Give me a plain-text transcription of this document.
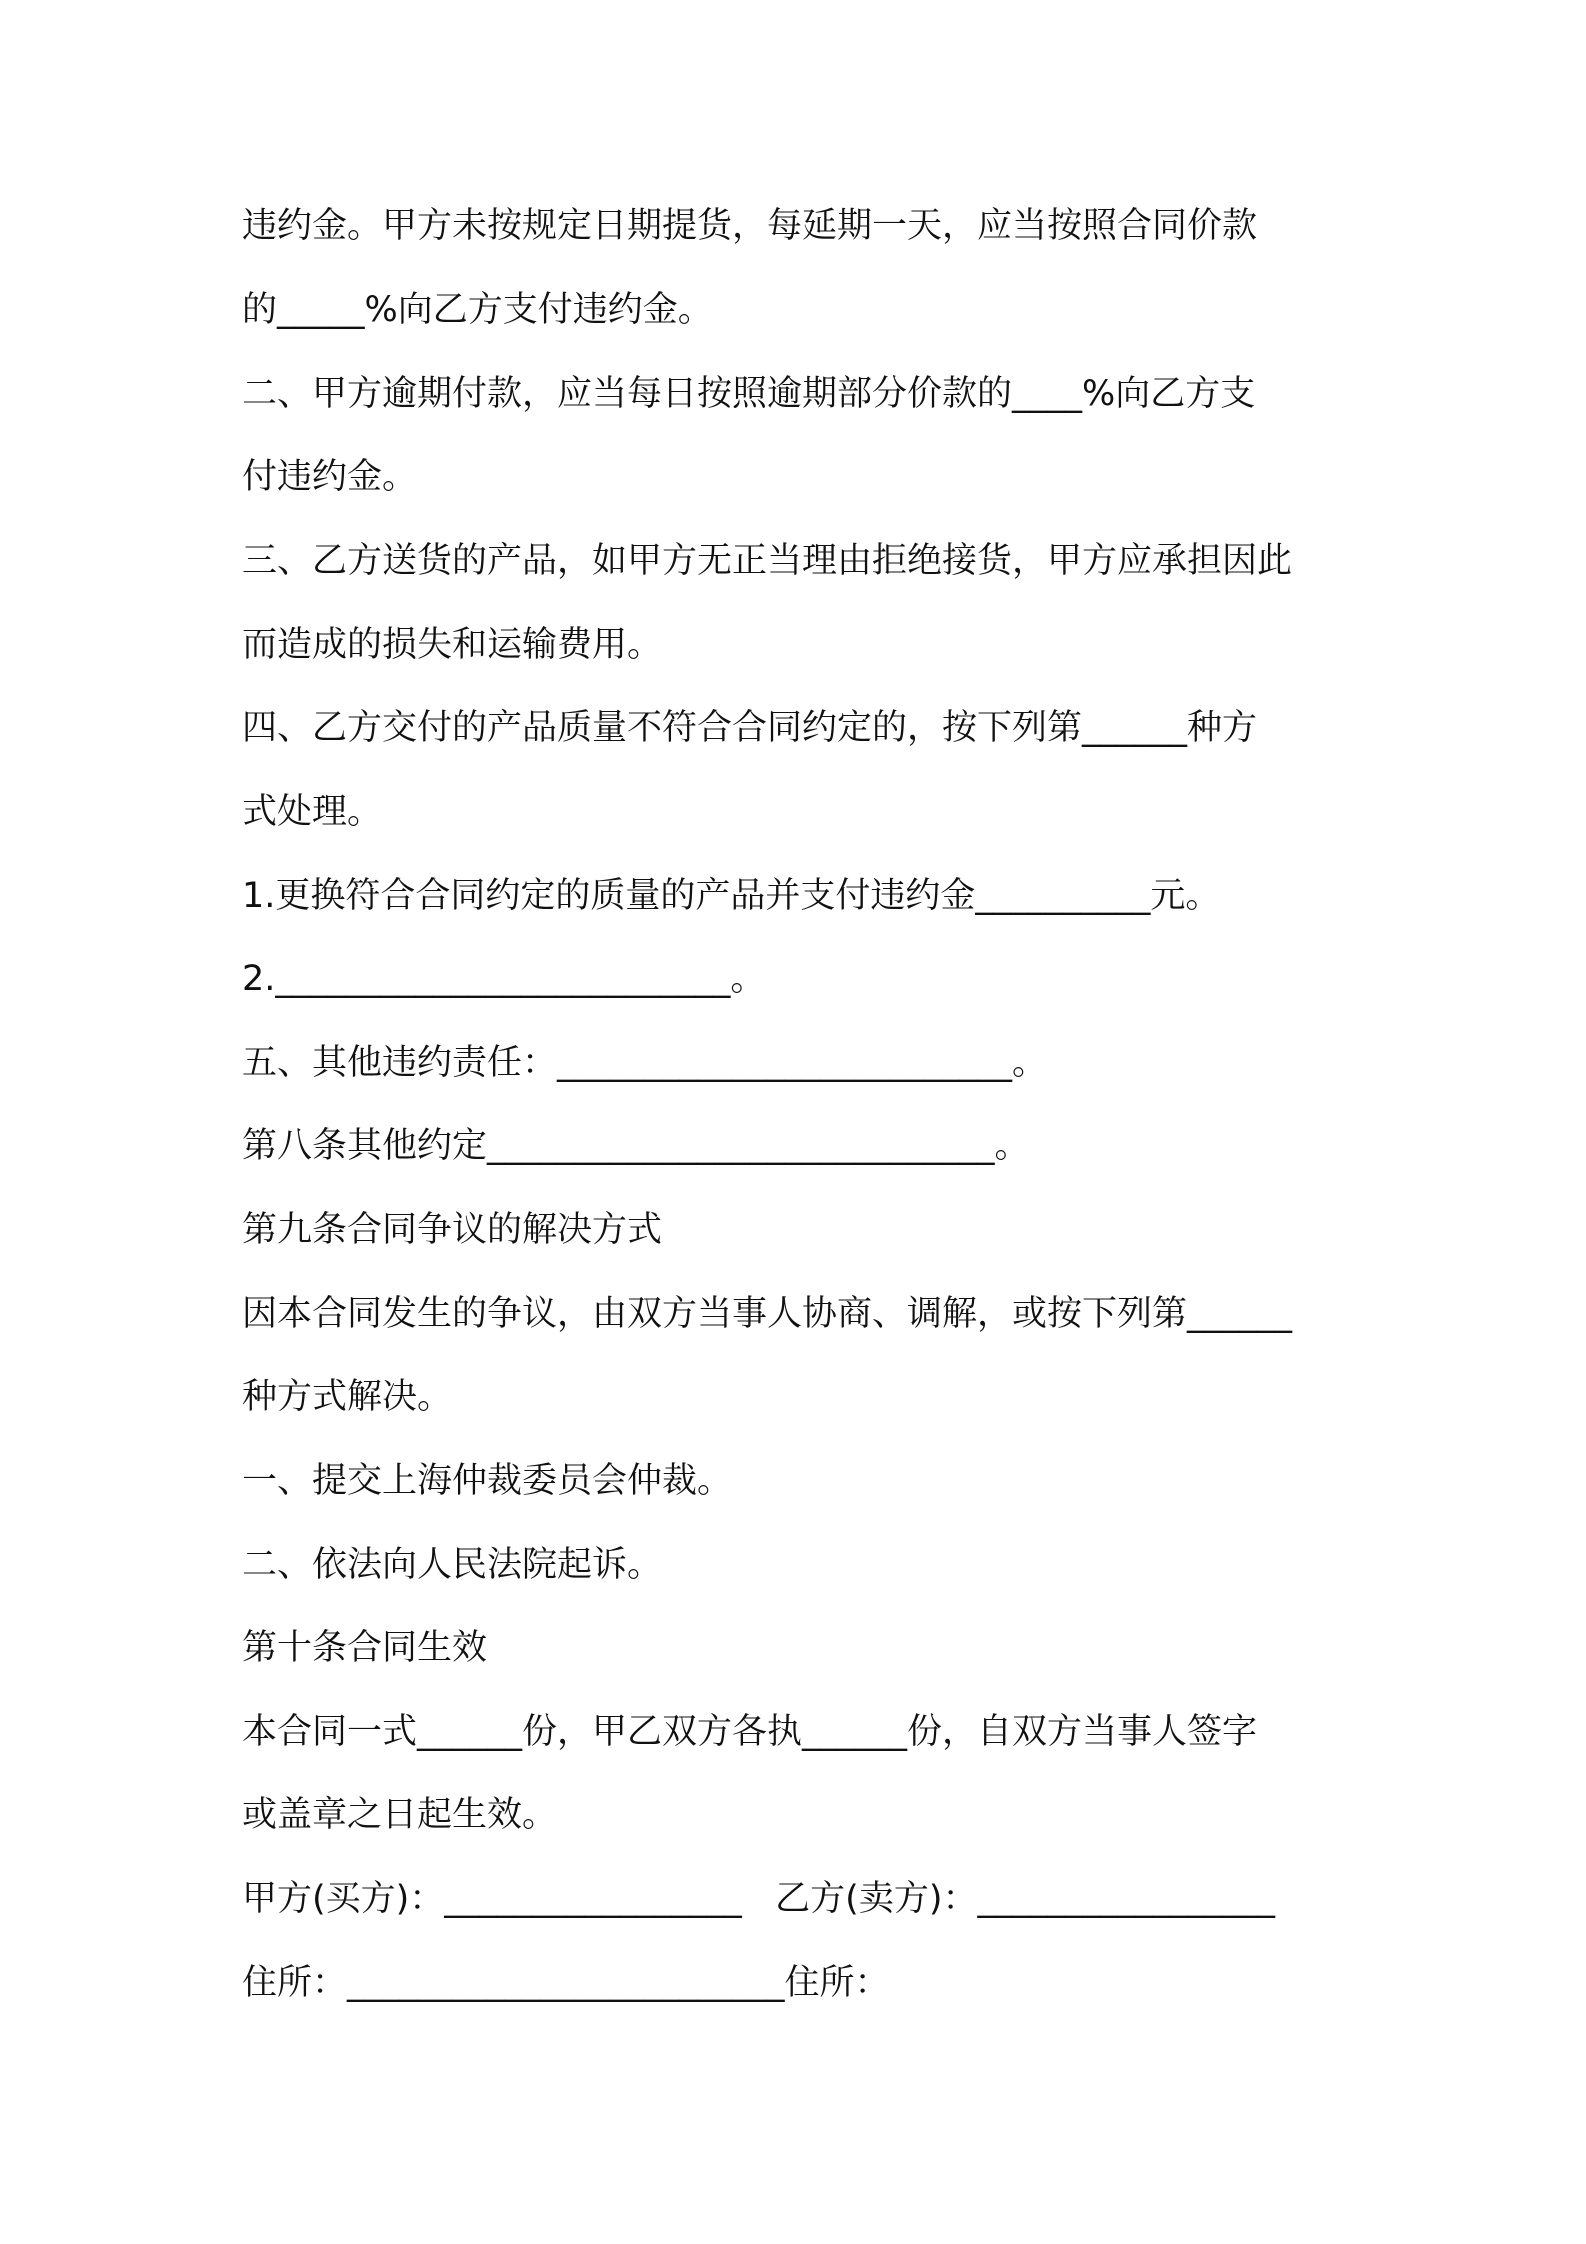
违约金。甲方未按规定日期提货，每延期一天，应当按照合同价款
的_____%向乙方支付违约金。
二、甲方逾期付款，应当每日按照逾期部分价款的____%向乙方支
付违约金。
三、乙方送货的产品，如甲方无正当理由拒绝接货，甲方应承担因此
而造成的损失和运输费用。
四、乙方交付的产品质量不符合合同约定的，按下列第______种方
式处理。
1.更换符合合同约定的质量的产品并支付违约金__________元。
2.__________________________。
五、其他违约责任：__________________________。
第八条其他约定_____________________________。
第九条合同争议的解决方式
因本合同发生的争议，由双方当事人协商、调解，或按下列第______
种方式解决。
一、提交上海仲裁委员会仲裁。
二、依法向人民法院起诉。
第十条合同生效
本合同一式______份，甲乙双方各执______份，自双方当事人签字
或盖章之日起生效。
甲方(买方)：_________________   乙方(卖方)：_________________
住所：_________________________住所：
